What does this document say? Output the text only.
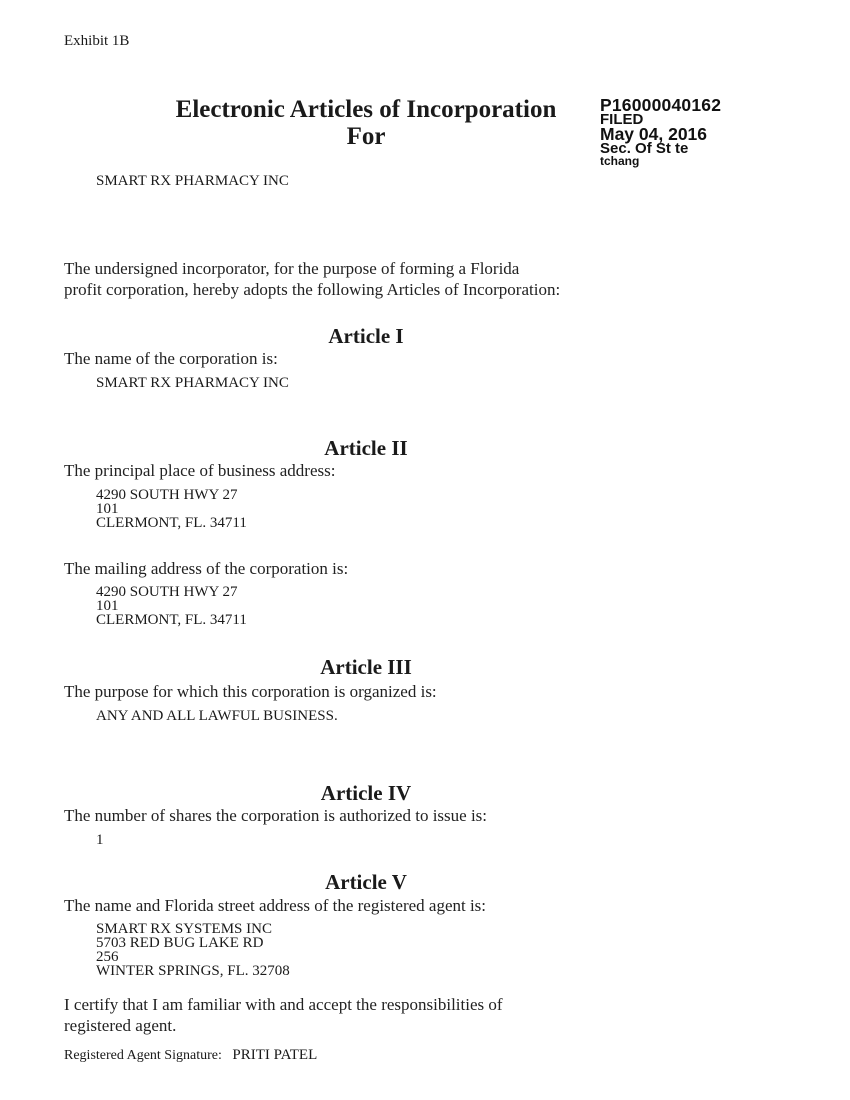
Exhibit 1B
Electronic Articles of Incorporation
For
P16000040162
FILED
May 04, 2016
Sec. Of St te
tchang
SMART RX PHARMACY INC
The undersigned incorporator, for the purpose of forming a Florida
profit corporation, hereby adopts the following Articles of Incorporation:
Article I
The name of the corporation is:
SMART RX PHARMACY INC
Article II
The principal place of business address:
4290 SOUTH HWY 27
101
CLERMONT, FL. 34711
The mailing address of the corporation is:
4290 SOUTH HWY 27
101
CLERMONT, FL. 34711
Article III
The purpose for which this corporation is organized is:
ANY AND ALL LAWFUL BUSINESS.
Article IV
The number of shares the corporation is authorized to issue is:
1
Article V
The name and Florida street address of the registered agent is:
SMART RX SYSTEMS INC
5703 RED BUG LAKE RD
256
WINTER SPRINGS, FL. 32708
I certify that I am familiar with and accept the responsibilities of
registered agent.
Registered Agent Signature: PRITI PATEL
